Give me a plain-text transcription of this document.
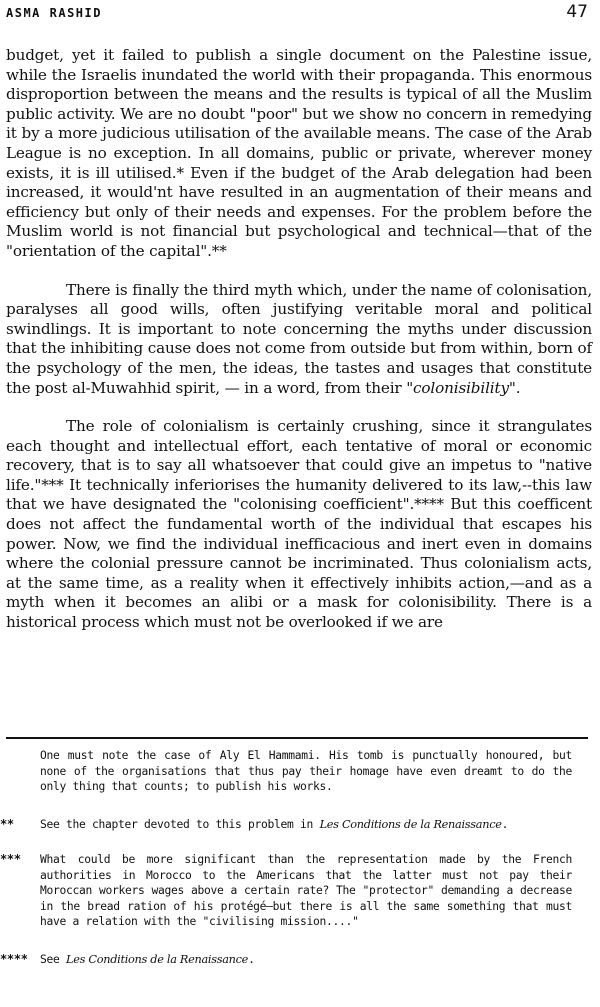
ASMA RASHID	47

budget, yet it failed to publish a single document on the Palestine issue, while the Israelis inundated the world with their propaganda. This enormous disproportion between the means and the results is typical of all the Muslim public activity. We are no doubt "poor" but we show no concern in remedying it by a more judicious utilisation of the available means. The case of the Arab League is no exception. In all domains, public or private, wherever money exists, it is ill utilised.* Even if the budget of the Arab delegation had been increased, it would'nt have resulted in an augmentation of their means and efficiency but only of their needs and expenses. For the problem before the Muslim world is not financial but psychological and technical—that of the "orientation of the capital".**

There is finally the third myth which, under the name of colonisation, paralyses all good wills, often justifying veritable moral and political swindlings. It is important to note concerning the myths under discussion that the inhibiting cause does not come from outside but from within, born of the psychology of the men, the ideas, the tastes and usages that constitute the post al-Muwahhid spirit, — in a word, from their "colonisibility".

The role of colonialism is certainly crushing, since it strangulates each thought and intellectual effort, each tentative of moral or economic recovery, that is to say all whatsoever that could give an impetus to "native life."*** It technically inferiorises the humanity delivered to its law,--this law that we have designated the "colonising coefficient".**** But this coefficent does not affect the fundamental worth of the individual that escapes his power. Now, we find the individual inefficacious and inert even in domains where the colonial pressure cannot be incriminated. Thus colonialism acts, at the same time, as a reality when it effectively inhibits action,—and as a myth when it becomes an alibi or a mask for colonisibility. There is a historical process which must not be overlooked if we are

One must note the case of Aly El Hammami. His tomb is punctually honoured, but none of the organisations that thus pay their homage have even dreamt to do the only thing that counts; to publish his works.
** See the chapter devoted to this problem in Les Conditions de la Renaissance.
*** What could be more significant than the representation made by the French authorities in Morocco to the Americans that the latter must not pay their Moroccan workers wages above a certain rate? The "protector" demanding a decrease in the bread ration of his protégé—but there is all the same something that must have a relation with the "civilising mission...."
**** See Les Conditions de la Renaissance.
